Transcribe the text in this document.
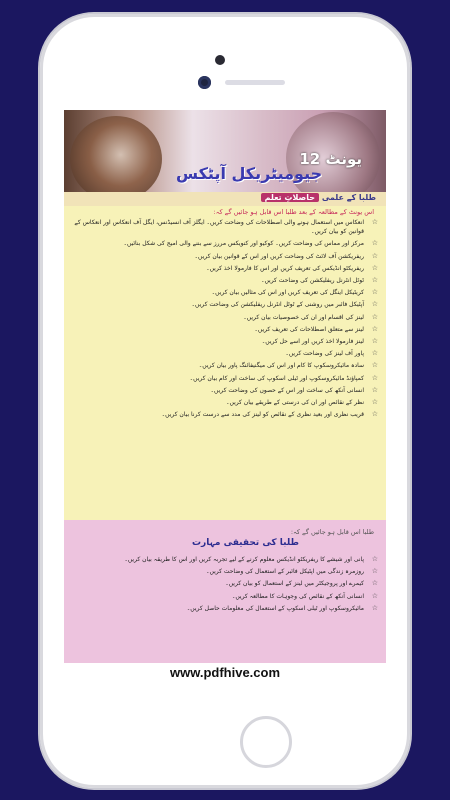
یونٹ 12
جیومیٹریکل آپٹکس
طلبا کے علمی حاصلاتِ تعلم
اس یونٹ کے مطالعہ کے بعد طلبا اس قابل ہو جائیں گے کہ:
☆
انعکاس میں استعمال ہونے والی اصطلاحات کی وضاحت کریں۔ ایگلز آف انسیڈنس، ایگل آف انعکاس اور انعکاس کے قوانین کو بیان کریں۔
☆
مرکز اور مماس کی وضاحت کریں۔ کوکیو اور کنویکس مررز سے بننے والی امیج کی شکل بنائیں۔
☆
ریفریکشن آف لائٹ کی وضاحت کریں اور اس کے قوانین بیان کریں۔
☆
ریفریکٹو انڈیکس کی تعریف کریں اور اس کا فارمولا اخذ کریں۔
☆
ٹوٹل انٹرنل ریفلیکشن کی وضاحت کریں۔
☆
کریٹیکل اینگل کی تعریف کریں اور اس کی مثالیں بیان کریں۔
☆
آپٹیکل فائبر میں روشنی کے ٹوٹل انٹرنل ریفلیکشن کی وضاحت کریں۔
☆
لینز کی اقسام اور ان کی خصوصیات بیان کریں۔
☆
لینز سے متعلق اصطلاحات کی تعریف کریں۔
☆
لینز فارمولا اخذ کریں اور اسے حل کریں۔
☆
پاور آف لینز کی وضاحت کریں۔
☆
سادہ مائیکروسکوپ کا کام اور اس کی میگنیفائنگ پاور بیان کریں۔
☆
کمپاؤنڈ مائیکروسکوپ اور ٹیلی اسکوپ کی ساخت اور کام بیان کریں۔
☆
انسانی آنکھ کی ساخت اور اس کے حصوں کی وضاحت کریں۔
☆
نظر کے نقائص اور ان کی درستی کے طریقے بیان کریں۔
☆
قریب نظری اور بعید نظری کے نقائص کو لینز کی مدد سے درست کرنا بیان کریں۔
طلبا اس قابل ہو جائیں گے کہ:
طلبا کی تحقیقی مہارت
☆
پانی اور شیشے کا ریفریکٹو انڈیکس معلوم کرنے کے لیے تجربہ کریں اور اس کا طریقہ بیان کریں۔
☆
روزمرہ زندگی میں اپٹیکل فائبر کے استعمال کی وضاحت کریں۔
☆
کیمرے اور پروجیکٹر میں لینز کے استعمال کو بیان کریں۔
☆
انسانی آنکھ کے نقائص کی وجوہات کا مطالعہ کریں۔
☆
مائیکروسکوپ اور ٹیلی اسکوپ کے استعمال کی معلومات حاصل کریں۔
www.pdfhive.com
